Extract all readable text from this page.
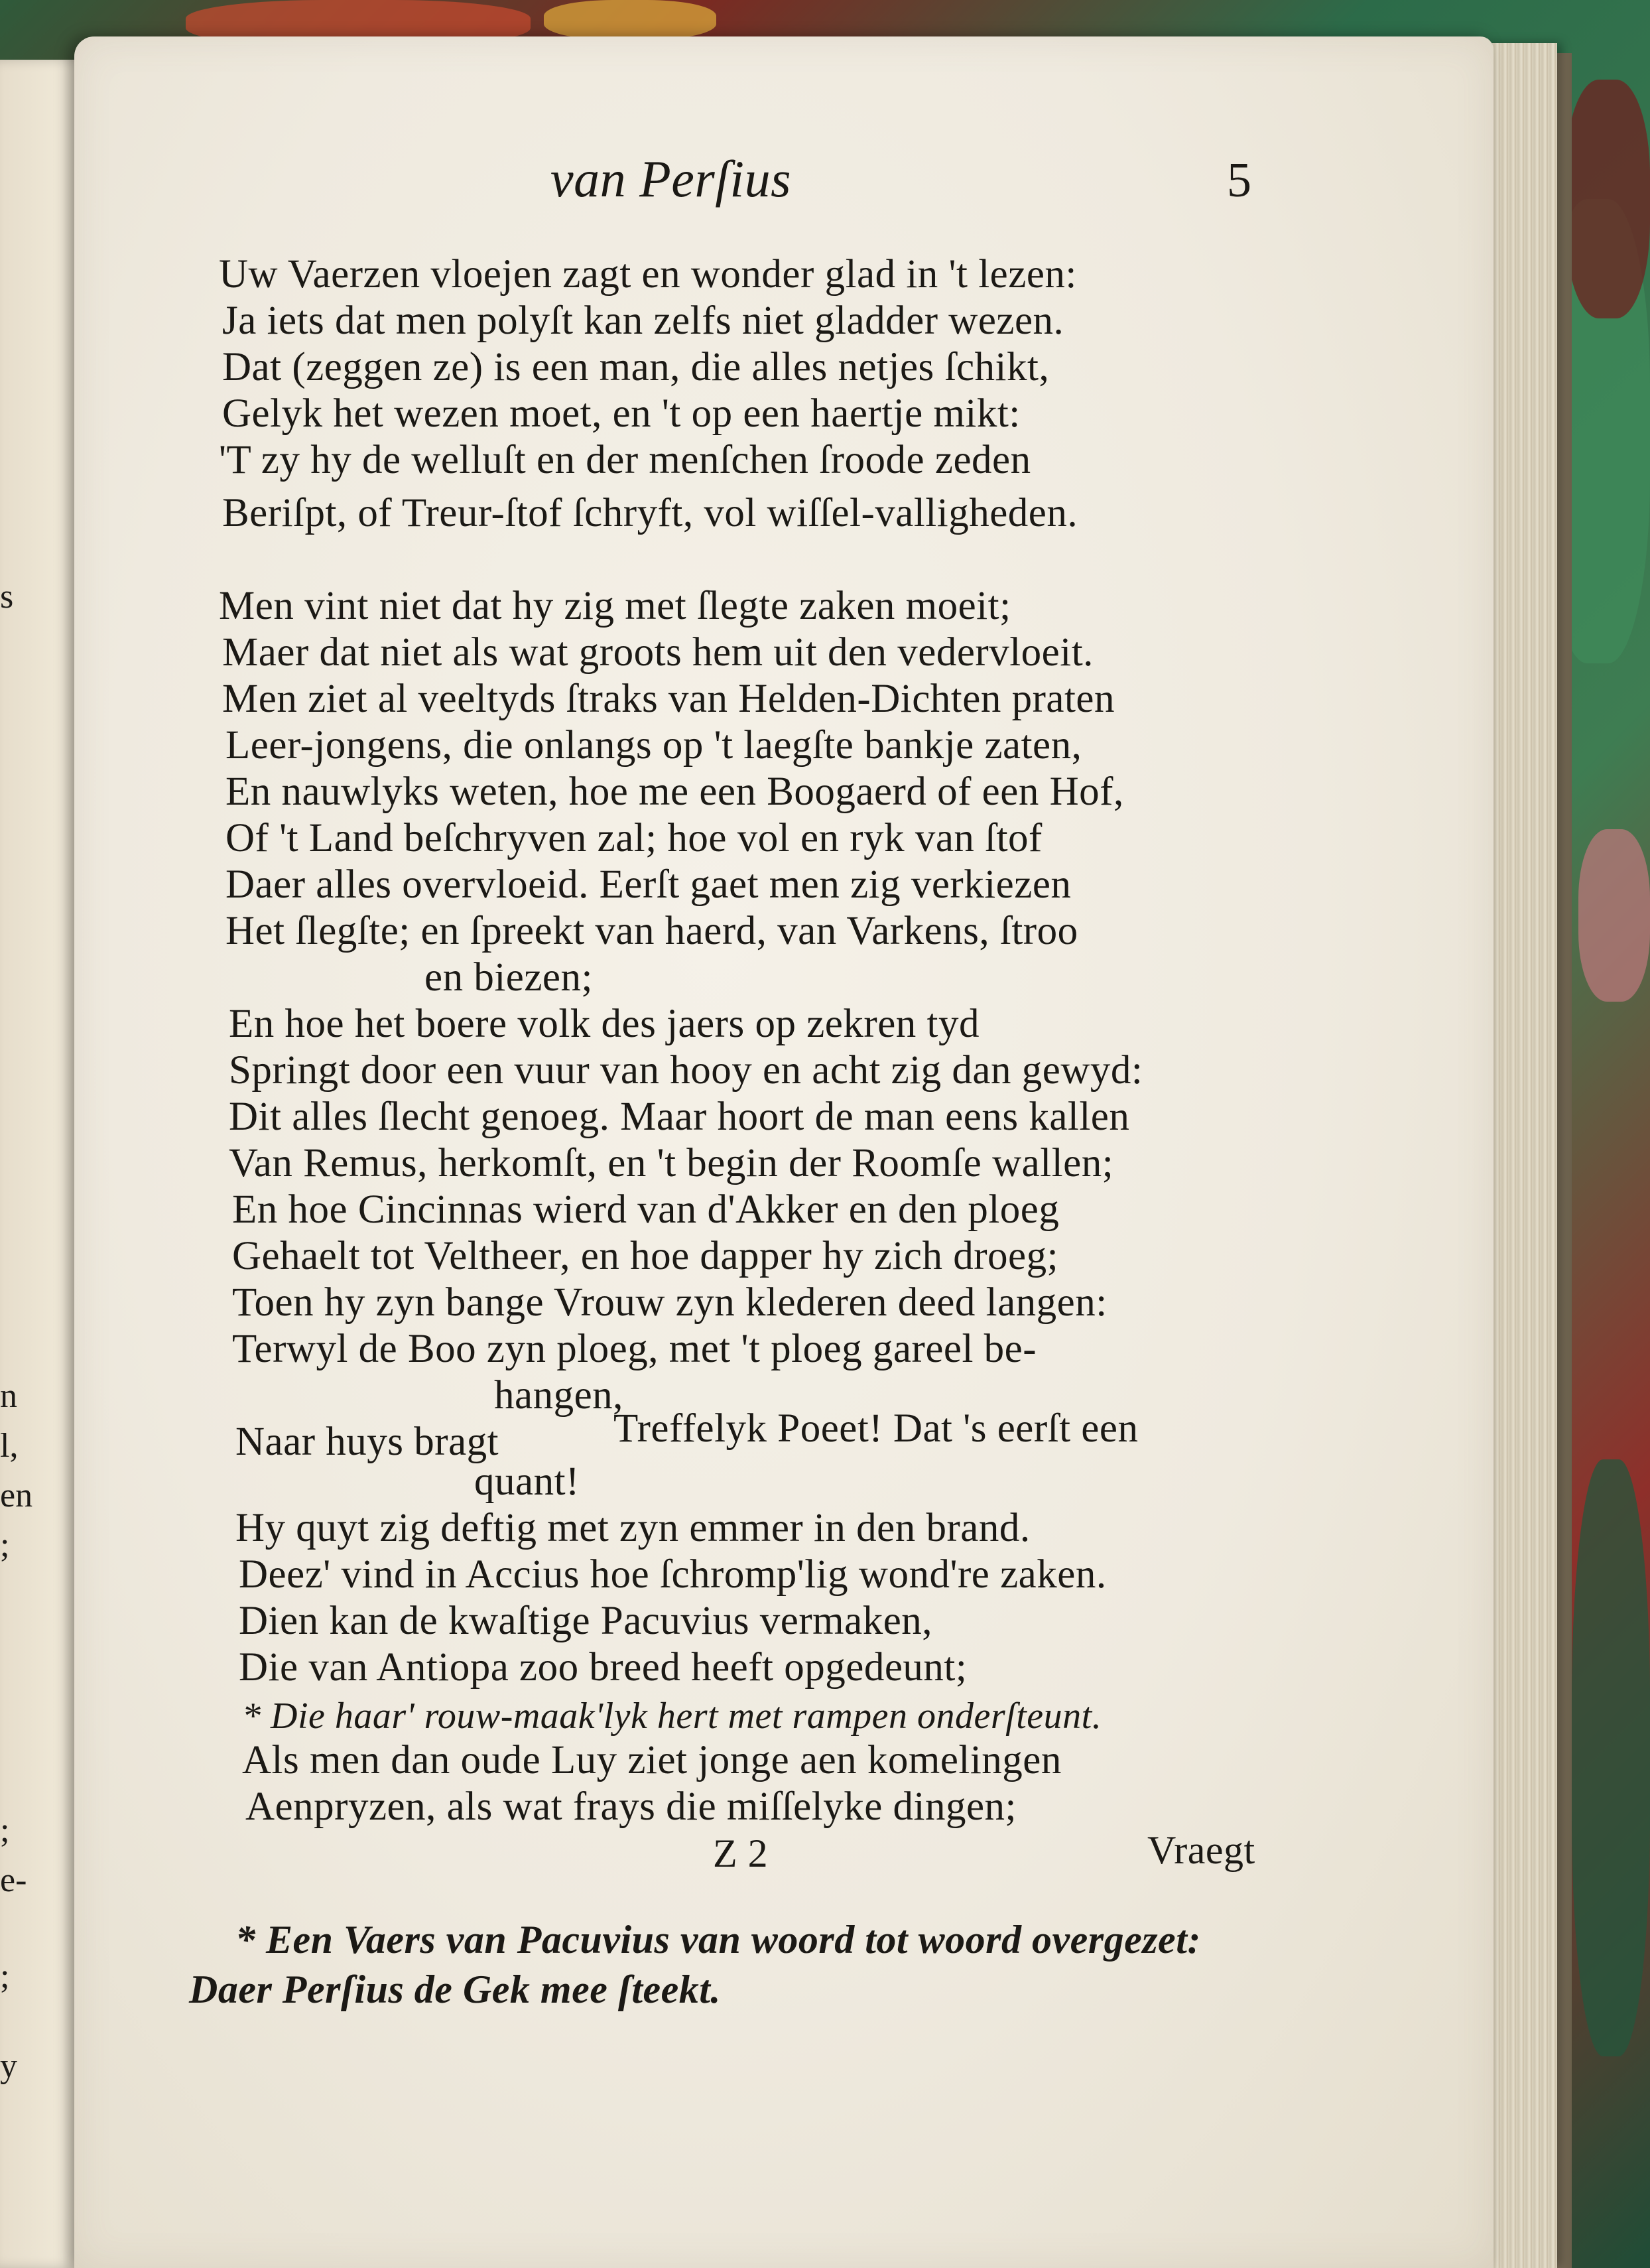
s
n
l,
en
;
;
e-
;
y
van Perſius	5
Uw Vaerzen vloejen zagt en wonder glad in 't lezen:
Ja iets dat men polyſt kan zelfs niet gladder wezen.
Dat (zeggen ze) is een man, die alles netjes ſchikt,
Gelyk het wezen moet, en 't op een haertje mikt:
'T zy hy de welluſt en der menſchen ſroode zeden
Beriſpt, of Treur-ſtof ſchryft, vol wiſſel-valligheden.
Men vint niet dat hy zig met ſlegte zaken moeit;
Maer dat niet als wat groots hem uit den vedervloeit.
Men ziet al veeltyds ſtraks van Helden-Dichten praten
Leer-jongens, die onlangs op 't laegſte bankje zaten,
En nauwlyks weten, hoe me een Boogaerd of een Hof,
Of 't Land beſchryven zal; hoe vol en ryk van ſtof
Daer alles overvloeid. Eerſt gaet men zig verkiezen
Het ſlegſte; en ſpreekt van haerd, van Varkens, ſtroo
en biezen;
En hoe het boere volk des jaers op zekren tyd
Springt door een vuur van hooy en acht zig dan gewyd:
Dit alles ſlecht genoeg. Maar hoort de man eens kallen
Van Remus, herkomſt, en 't begin der Roomſe wallen;
En hoe Cincinnas wierd van d'Akker en den ploeg
Gehaelt tot Veltheer, en hoe dapper hy zich droeg;
Toen hy zyn bange Vrouw zyn klederen deed langen:
Terwyl de Boo zyn ploeg, met 't ploeg gareel be-
hangen,
Naar huys bragt	Treffelyk Poeet! Dat 's eerſt een
quant!
Hy quyt zig deftig met zyn emmer in den brand.
Deez' vind in Accius hoe ſchromp'lig wond're zaken.
Dien kan de kwaſtige Pacuvius vermaken,
Die van Antiopa zoo breed heeft opgedeunt;
* Die haar' rouw-maak'lyk hert met rampen onderſteunt.
Als men dan oude Luy ziet jonge aen komelingen
Aenpryzen, als wat frays die miſſelyke dingen;
Z 2	Vraegt
* Een Vaers van Pacuvius van woord tot woord overgezet:
Daer Perſius de Gek mee ſteekt.
